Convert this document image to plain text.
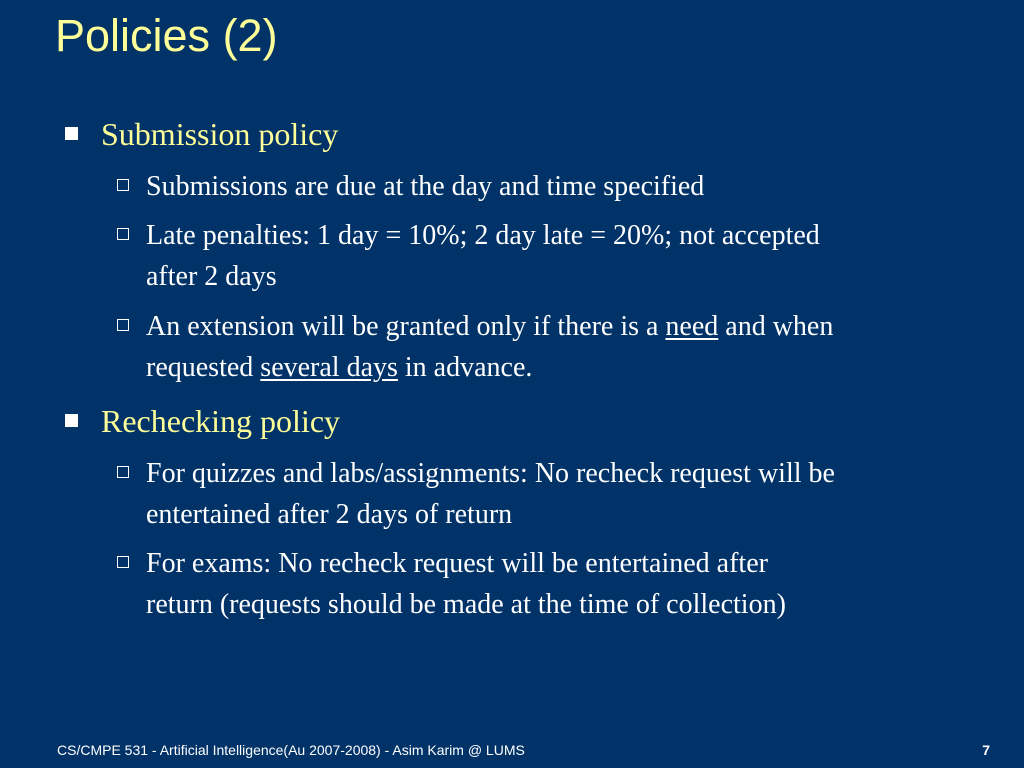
Policies (2)
Submission policy
Submissions are due at the day and time specified
Late penalties: 1 day = 10%; 2 day late = 20%; not accepted
after 2 days
An extension will be granted only if there is a need and when
requested several days in advance.
Rechecking policy
For quizzes and labs/assignments: No recheck request will be
entertained after 2 days of return
For exams: No recheck request will be entertained after
return (requests should be made at the time of collection)
CS/CMPE 531 - Artificial Intelligence(Au 2007-2008) - Asim Karim @ LUMS	7
